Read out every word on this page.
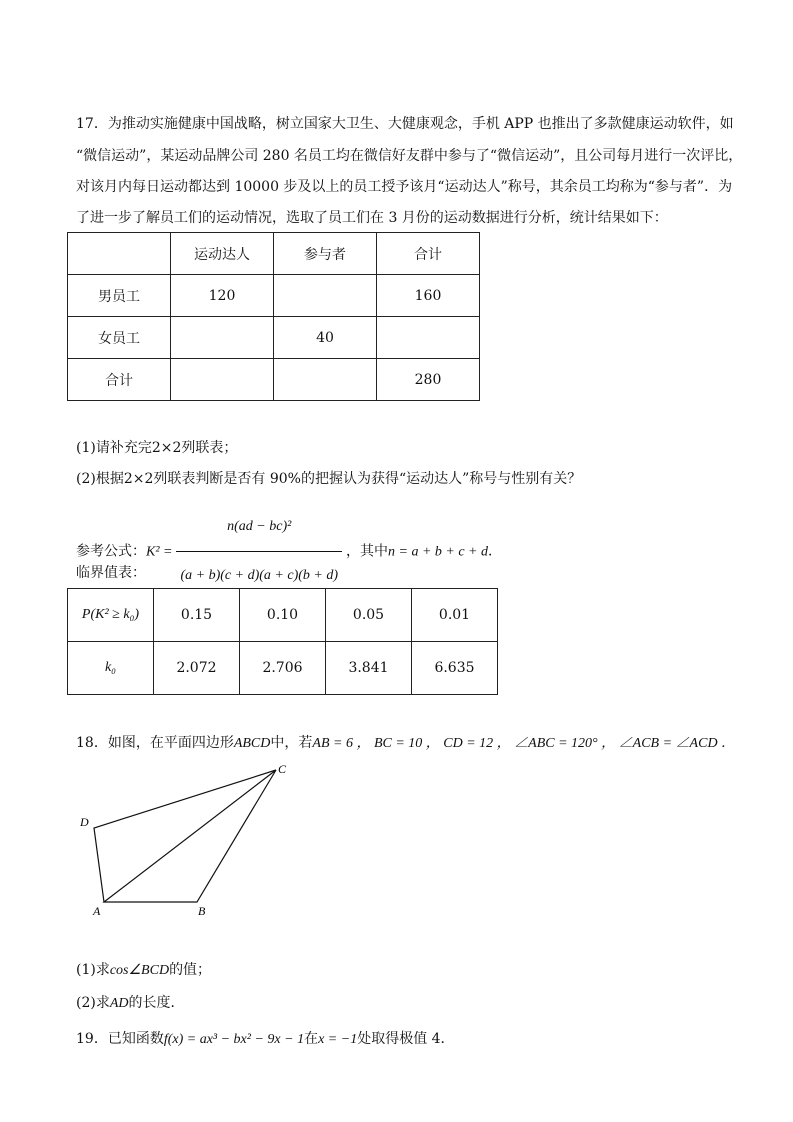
17．为推动实施健康中国战略，树立国家大卫生、大健康观念，手机 APP 也推出了多款健康运动软件，如
“微信运动”，某运动品牌公司 280 名员工均在微信好友群中参与了“微信运动”，且公司每月进行一次评比，
对该月内每日运动都达到 10000 步及以上的员工授予该月“运动达人”称号，其余员工均称为“参与者”．为
了进一步了解员工们的运动情况，选取了员工们在 3 月份的运动数据进行分析，统计结果如下：
	运动达人	参与者	合计
男员工	120		160
女员工		40	
合计			280
(1)请补充完2×2列联表；
(2)根据2×2列联表判断是否有 90%的把握认为获得“运动达人”称号与性别有关？
参考公式：$K^2 = \frac{\text{n(ad − bc)²}}{(a + b)(c + d)(a + c)(b + d)}$ ，其中n = a + b + c + d．
临界值表：
P(K² ≥ k₀)	0.15	0.10	0.05	0.01
k₀	2.072	2.706	3.841	6.635
18．如图，在平面四边形ABCD中，若AB = 6 ， BC = 10 ， CD = 12 ， ∠ABC = 120° ， ∠ACB = ∠ACD ．
D
C
A	B
(1)求cos∠BCD的值；
(2)求AD的长度．
19．已知函数f(x) = ax³ − bx² − 9x − 1在x = −1处取得极值 4．
